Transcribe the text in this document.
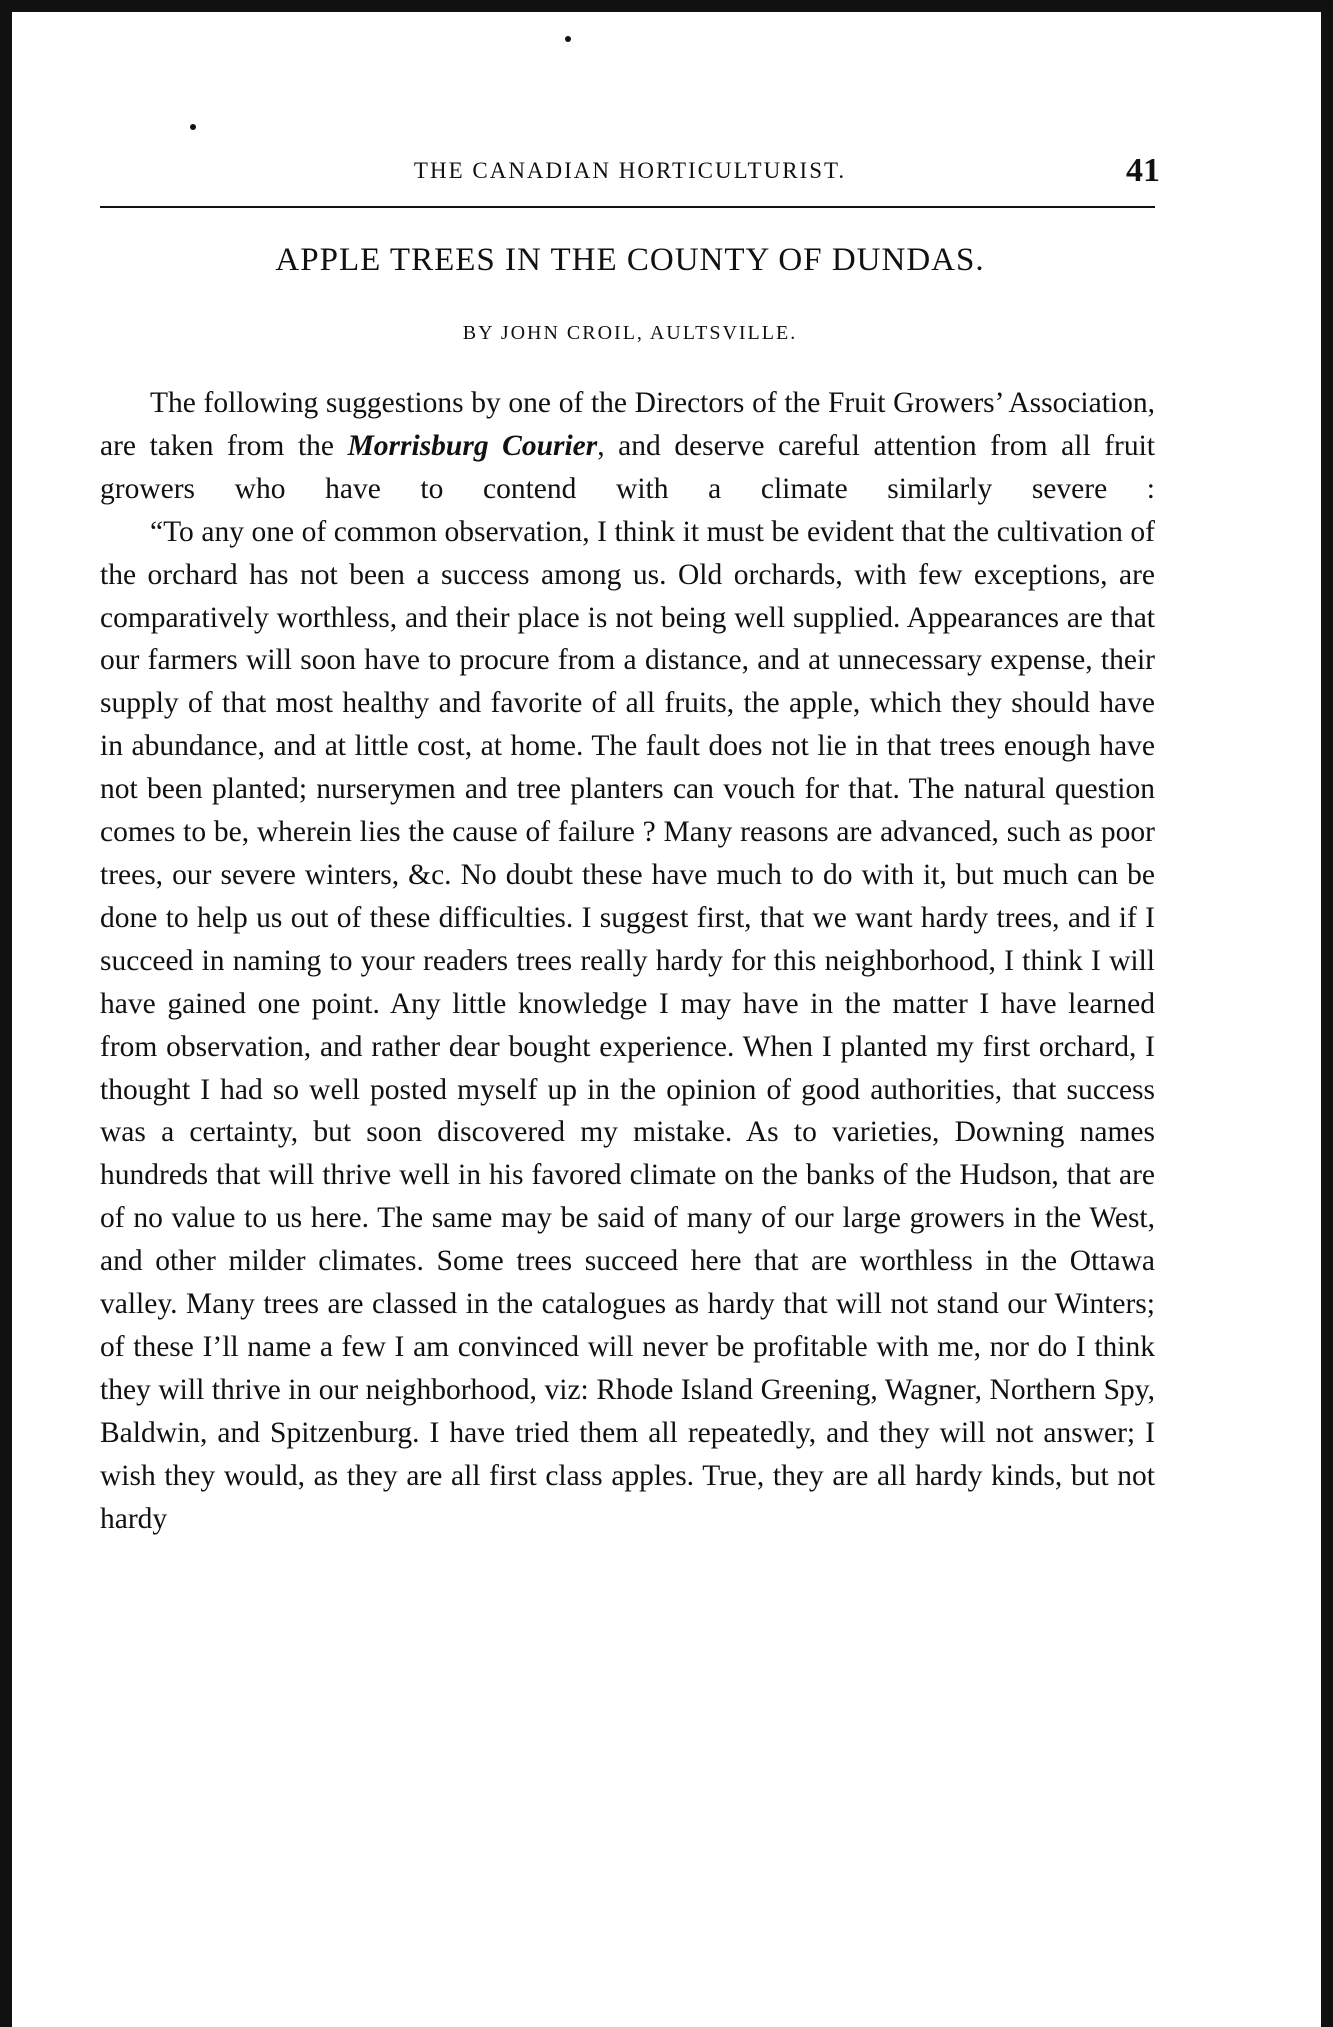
THE CANADIAN HORTICULTURIST.	41
APPLE TREES IN THE COUNTY OF DUNDAS.
BY JOHN CROIL, AULTSVILLE.

The following suggestions by one of the Directors of the Fruit Growers’ Association, are taken from the Morrisburg Courier, and deserve careful attention from all fruit growers who have to contend with a climate similarly severe :

“To any one of common observation, I think it must be evident that the cultivation of the orchard has not been a success among us. Old orchards, with few exceptions, are comparatively worthless, and their place is not being well supplied. Appearances are that our farmers will soon have to procure from a distance, and at unnecessary expense, their supply of that most healthy and favorite of all fruits, the apple, which they should have in abundance, and at little cost, at home. The fault does not lie in that trees enough have not been planted; nurserymen and tree planters can vouch for that. The natural question comes to be, wherein lies the cause of failure ? Many reasons are advanced, such as poor trees, our severe winters, &c. No doubt these have much to do with it, but much can be done to help us out of these difficulties. I suggest first, that we want hardy trees, and if I succeed in naming to your readers trees really hardy for this neighborhood, I think I will have gained one point. Any little knowledge I may have in the matter I have learned from observation, and rather dear bought experience. When I planted my first orchard, I thought I had so well posted myself up in the opinion of good authorities, that success was a certainty, but soon discovered my mistake. As to varieties, Downing names hundreds that will thrive well in his favored climate on the banks of the Hudson, that are of no value to us here. The same may be said of many of our large growers in the West, and other milder climates. Some trees succeed here that are worthless in the Ottawa valley. Many trees are classed in the catalogues as hardy that will not stand our Winters; of these I’ll name a few I am convinced will never be profitable with me, nor do I think they will thrive in our neighborhood, viz: Rhode Island Greening, Wagner, Northern Spy, Baldwin, and Spitzenburg. I have tried them all repeatedly, and they will not answer; I wish they would, as they are all first class apples. True, they are all hardy kinds, but not hardy
